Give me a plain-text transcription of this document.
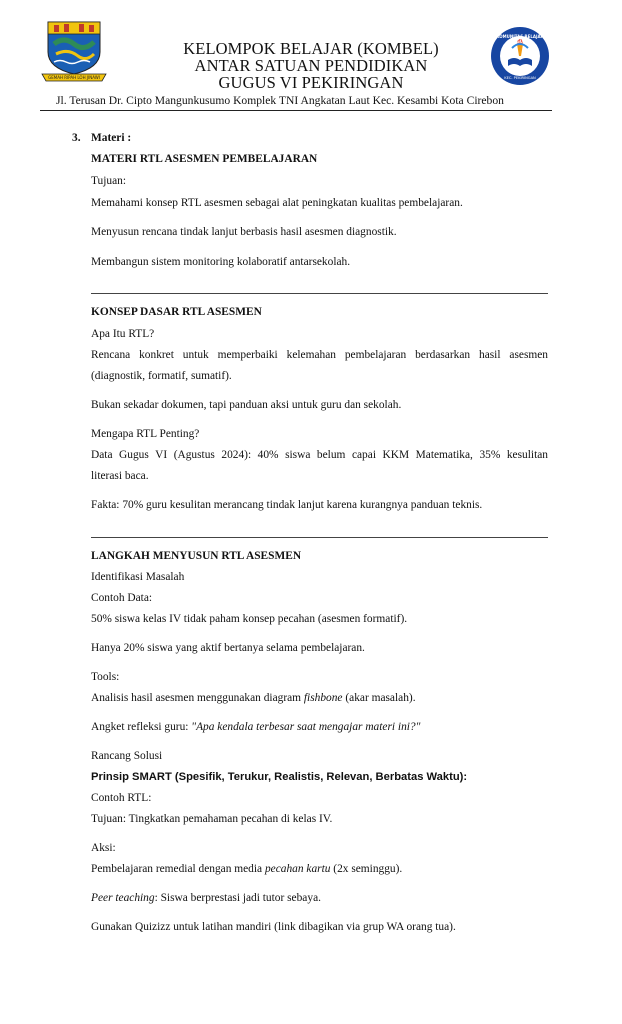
GEMAH RIPAH LOH JINAWI
KOMUNITAS BELAJAR GUGUS 6
KEC. PEKIRINGAN
KELOMPOK BELAJAR (KOMBEL)
ANTAR SATUAN PENDIDIKAN
GUGUS VI PEKIRINGAN
Jl. Terusan Dr. Cipto Mangunkusumo Komplek TNI Angkatan Laut Kec. Kesambi Kota Cirebon
3. Materi :
MATERI RTL ASESMEN PEMBELAJARAN
Tujuan:
Memahami konsep RTL asesmen sebagai alat peningkatan kualitas pembelajaran.
Menyusun rencana tindak lanjut berbasis hasil asesmen diagnostik.
Membangun sistem monitoring kolaboratif antarsekolah.
KONSEP DASAR RTL ASESMEN
Apa Itu RTL?
Rencana konkret untuk memperbaiki kelemahan pembelajaran berdasarkan hasil asesmen
(diagnostik, formatif, sumatif).
Bukan sekadar dokumen, tapi panduan aksi untuk guru dan sekolah.
Mengapa RTL Penting?
Data Gugus VI (Agustus 2024): 40% siswa belum capai KKM Matematika, 35% kesulitan
literasi baca.
Fakta: 70% guru kesulitan merancang tindak lanjut karena kurangnya panduan teknis.
LANGKAH MENYUSUN RTL ASESMEN
Identifikasi Masalah
Contoh Data:
50% siswa kelas IV tidak paham konsep pecahan (asesmen formatif).
Hanya 20% siswa yang aktif bertanya selama pembelajaran.
Tools:
Analisis hasil asesmen menggunakan diagram fishbone (akar masalah).
Angket refleksi guru: "Apa kendala terbesar saat mengajar materi ini?"
Rancang Solusi
Prinsip SMART (Spesifik, Terukur, Realistis, Relevan, Berbatas Waktu):
Contoh RTL:
Tujuan: Tingkatkan pemahaman pecahan di kelas IV.
Aksi:
Pembelajaran remedial dengan media pecahan kartu (2x seminggu).
Peer teaching: Siswa berprestasi jadi tutor sebaya.
Gunakan Quizizz untuk latihan mandiri (link dibagikan via grup WA orang tua).
